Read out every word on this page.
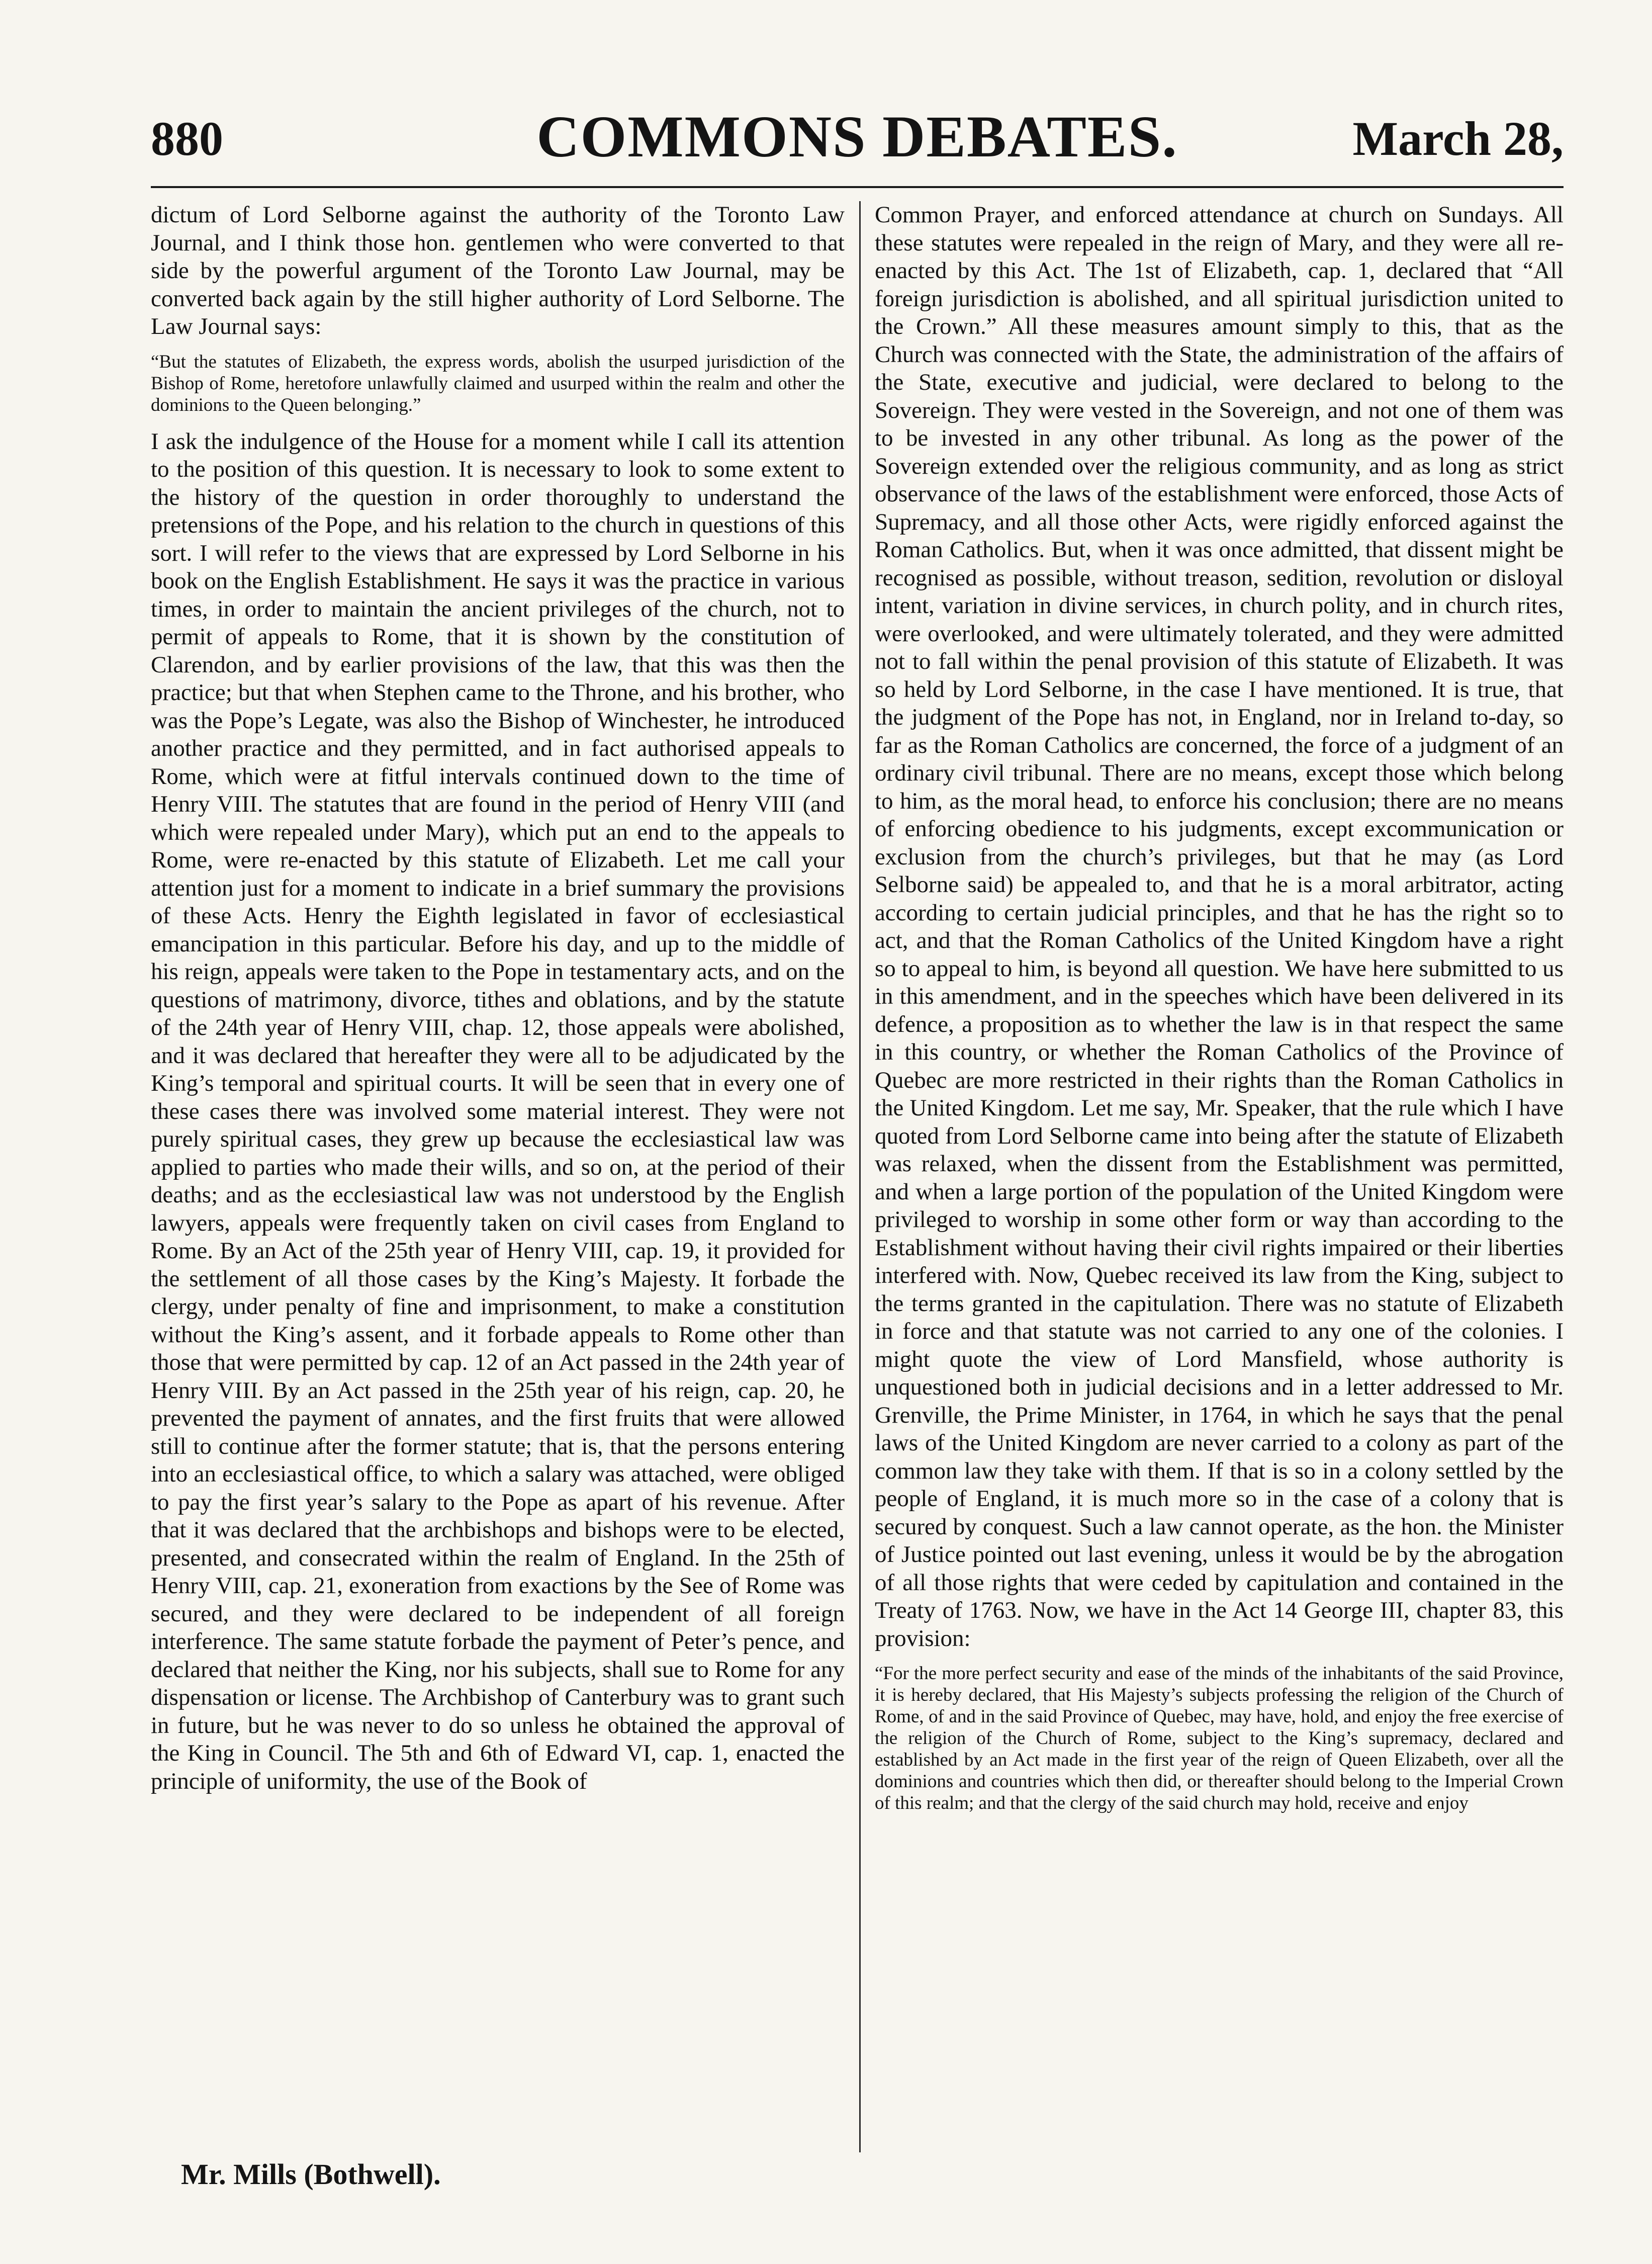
880	COMMONS DEBATES.	March 28,

dictum of Lord Selborne against the authority of the Toronto Law Journal, and I think those hon. gentlemen who were converted to that side by the powerful argument of the Toronto Law Journal, may be converted back again by the still higher authority of Lord Selborne. The Law Journal says:

“But the statutes of Elizabeth, the express words, abolish the usurped jurisdiction of the Bishop of Rome, heretofore unlawfully claimed and usurped within the realm and other the dominions to the Queen belonging.”

I ask the indulgence of the House for a moment while I call its attention to the position of this question. It is necessary to look to some extent to the history of the question in order thoroughly to understand the pretensions of the Pope, and his relation to the church in questions of this sort. I will refer to the views that are expressed by Lord Selborne in his book on the English Establishment. He says it was the practice in various times, in order to maintain the ancient privileges of the church, not to permit of appeals to Rome, that it is shown by the constitution of Clarendon, and by earlier provisions of the law, that this was then the practice; but that when Stephen came to the Throne, and his brother, who was the Pope’s Legate, was also the Bishop of Winchester, he introduced another practice and they permitted, and in fact authorised appeals to Rome, which were at fitful intervals continued down to the time of Henry VIII. The statutes that are found in the period of Henry VIII (and which were repealed under Mary), which put an end to the appeals to Rome, were re-enacted by this statute of Elizabeth. Let me call your attention just for a moment to indicate in a brief summary the provisions of these Acts. Henry the Eighth legislated in favor of ecclesiastical emancipation in this particular. Before his day, and up to the middle of his reign, appeals were taken to the Pope in testamentary acts, and on the questions of matrimony, divorce, tithes and oblations, and by the statute of the 24th year of Henry VIII, chap. 12, those appeals were abolished, and it was declared that hereafter they were all to be adjudicated by the King’s temporal and spiritual courts. It will be seen that in every one of these cases there was involved some material interest. They were not purely spiritual cases, they grew up because the ecclesiastical law was applied to parties who made their wills, and so on, at the period of their deaths; and as the ecclesiastical law was not understood by the English lawyers, appeals were frequently taken on civil cases from England to Rome. By an Act of the 25th year of Henry VIII, cap. 19, it provided for the settlement of all those cases by the King’s Majesty. It forbade the clergy, under penalty of fine and imprisonment, to make a constitution without the King’s assent, and it forbade appeals to Rome other than those that were permitted by cap. 12 of an Act passed in the 24th year of Henry VIII. By an Act passed in the 25th year of his reign, cap. 20, he prevented the payment of annates, and the first fruits that were allowed still to continue after the former statute; that is, that the persons entering into an ecclesiastical office, to which a salary was attached, were obliged to pay the first year’s salary to the Pope as apart of his revenue. After that it was declared that the archbishops and bishops were to be elected, presented, and consecrated within the realm of England. In the 25th of Henry VIII, cap. 21, exoneration from exactions by the See of Rome was secured, and they were declared to be independent of all foreign interference. The same statute forbade the payment of Peter’s pence, and declared that neither the King, nor his subjects, shall sue to Rome for any dispensation or license. The Archbishop of Canterbury was to grant such in future, but he was never to do so unless he obtained the approval of the King in Council. The 5th and 6th of Edward VI, cap. 1, enacted the principle of uniformity, the use of the Book of

Common Prayer, and enforced attendance at church on Sundays. All these statutes were repealed in the reign of Mary, and they were all re-enacted by this Act. The 1st of Elizabeth, cap. 1, declared that “All foreign jurisdiction is abolished, and all spiritual jurisdiction united to the Crown.” All these measures amount simply to this, that as the Church was connected with the State, the administration of the affairs of the State, executive and judicial, were declared to belong to the Sovereign. They were vested in the Sovereign, and not one of them was to be invested in any other tribunal. As long as the power of the Sovereign extended over the religious community, and as long as strict observance of the laws of the establishment were enforced, those Acts of Supremacy, and all those other Acts, were rigidly enforced against the Roman Catholics. But, when it was once admitted, that dissent might be recognised as possible, without treason, sedition, revolution or disloyal intent, variation in divine services, in church polity, and in church rites, were overlooked, and were ultimately tolerated, and they were admitted not to fall within the penal provision of this statute of Elizabeth. It was so held by Lord Selborne, in the case I have mentioned. It is true, that the judgment of the Pope has not, in England, nor in Ireland to-day, so far as the Roman Catholics are concerned, the force of a judgment of an ordinary civil tribunal. There are no means, except those which belong to him, as the moral head, to enforce his conclusion; there are no means of enforcing obedience to his judgments, except excommunication or exclusion from the church’s privileges, but that he may (as Lord Selborne said) be appealed to, and that he is a moral arbitrator, acting according to certain judicial principles, and that he has the right so to act, and that the Roman Catholics of the United Kingdom have a right so to appeal to him, is beyond all question. We have here submitted to us in this amendment, and in the speeches which have been delivered in its defence, a proposition as to whether the law is in that respect the same in this country, or whether the Roman Catholics of the Province of Quebec are more restricted in their rights than the Roman Catholics in the United Kingdom. Let me say, Mr. Speaker, that the rule which I have quoted from Lord Selborne came into being after the statute of Elizabeth was relaxed, when the dissent from the Establishment was permitted, and when a large portion of the population of the United Kingdom were privileged to worship in some other form or way than according to the Establishment without having their civil rights impaired or their liberties interfered with. Now, Quebec received its law from the King, subject to the terms granted in the capitulation. There was no statute of Elizabeth in force and that statute was not carried to any one of the colonies. I might quote the view of Lord Mansfield, whose authority is unquestioned both in judicial decisions and in a letter addressed to Mr. Grenville, the Prime Minister, in 1764, in which he says that the penal laws of the United Kingdom are never carried to a colony as part of the common law they take with them. If that is so in a colony settled by the people of England, it is much more so in the case of a colony that is secured by conquest. Such a law cannot operate, as the hon. the Minister of Justice pointed out last evening, unless it would be by the abrogation of all those rights that were ceded by capitulation and contained in the Treaty of 1763. Now, we have in the Act 14 George III, chapter 83, this provision:

“For the more perfect security and ease of the minds of the inhabitants of the said Province, it is hereby declared, that His Majesty’s subjects professing the religion of the Church of Rome, of and in the said Province of Quebec, may have, hold, and enjoy the free exercise of the religion of the Church of Rome, subject to the King’s supremacy, declared and established by an Act made in the first year of the reign of Queen Elizabeth, over all the dominions and countries which then did, or thereafter should belong to the Imperial Crown of this realm; and that the clergy of the said church may hold, receive and enjoy

Mr. Mills (Bothwell).
